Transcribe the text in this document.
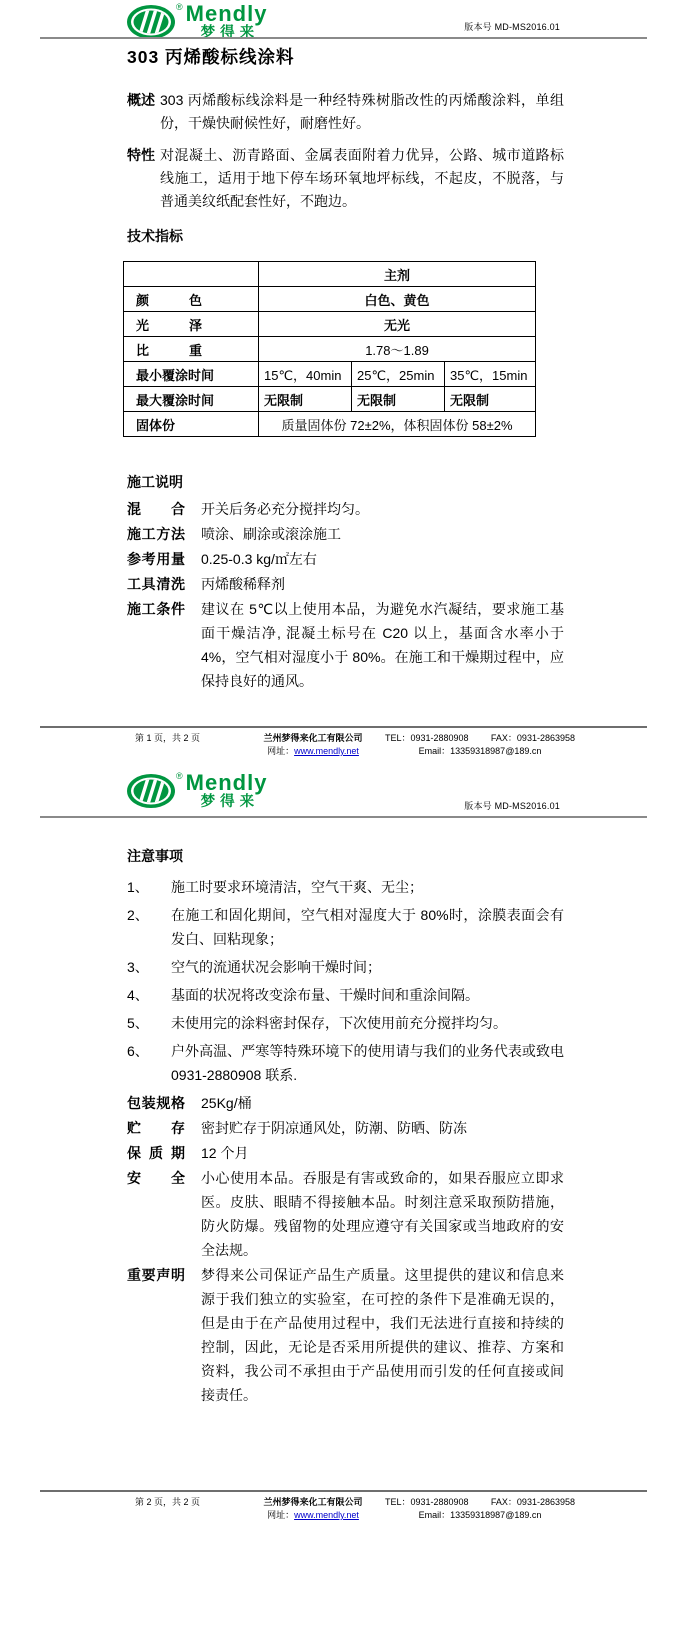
® Mendly
梦得来	版本号 MD-MS2016.01
303 丙烯酸标线涂料
概述 303 丙烯酸标线涂料是一种经特殊树脂改性的丙烯酸涂料，单组份，干燥快耐候性好，耐磨性好。
特性 对混凝土、沥青路面、金属表面附着力优异，公路、城市道路标线施工，适用于地下停车场环氧地坪标线，不起皮，不脱落，与普通美纹纸配套性好，不跑边。
技术指标
	主剂		
颜色	白色、黄色		
光泽	无光		
比重	1.78～1.89		
最小覆涂时间	15℃，40min	25℃，25min	35℃，15min
最大覆涂时间	无限制	无限制	无限制
固体份	质量固体份 72±2%，体积固体份 58±2%		
施工说明
混合 开关后务必充分搅拌均匀。
施工方法 喷涂、刷涂或滚涂施工
参考用量 0.25-0.3 kg/㎡左右
工具清洗 丙烯酸稀释剂
施工条件 建议在 5℃以上使用本品，为避免水汽凝结，要求施工基面干燥洁净, 混凝土标号在 C20 以上，基面含水率小于 4%，空气相对湿度小于 80%。在施工和干燥期过程中，应保持良好的通风。
第 1 页，共 2 页	兰州梦得来化工有限公司
网址：www.mendly.net
TEL：0931-2880908 FAX：0931-2863958
Email：13359318987@189.cn
® Mendly
梦得来	版本号 MD-MS2016.01
注意事项
1、	施工时要求环境清洁，空气干爽、无尘；
2、	在施工和固化期间，空气相对湿度大于 80%时，涂膜表面会有发白、回粘现象；
3、	空气的流通状况会影响干燥时间；
4、	基面的状况将改变涂布量、干燥时间和重涂间隔。
5、	未使用完的涂料密封保存，下次使用前充分搅拌均匀。
6、	户外高温、严寒等特殊环境下的使用请与我们的业务代表或致电 0931-2880908 联系.
包装规格 25Kg/桶
贮存 密封贮存于阴凉通风处，防潮、防晒、防冻
保质期 12 个月
安全 小心使用本品。吞服是有害或致命的，如果吞服应立即求医。皮肤、眼睛不得接触本品。时刻注意采取预防措施，防火防爆。残留物的处理应遵守有关国家或当地政府的安全法规。
重要声明 梦得来公司保证产品生产质量。这里提供的建议和信息来源于我们独立的实验室，在可控的条件下是准确无误的，但是由于在产品使用过程中，我们无法进行直接和持续的控制，因此，无论是否采用所提供的建议、推荐、方案和资料，我公司不承担由于产品使用而引发的任何直接或间接责任。
第 2 页，共 2 页	兰州梦得来化工有限公司
网址：www.mendly.net
TEL：0931-2880908 FAX：0931-2863958
Email：13359318987@189.cn
